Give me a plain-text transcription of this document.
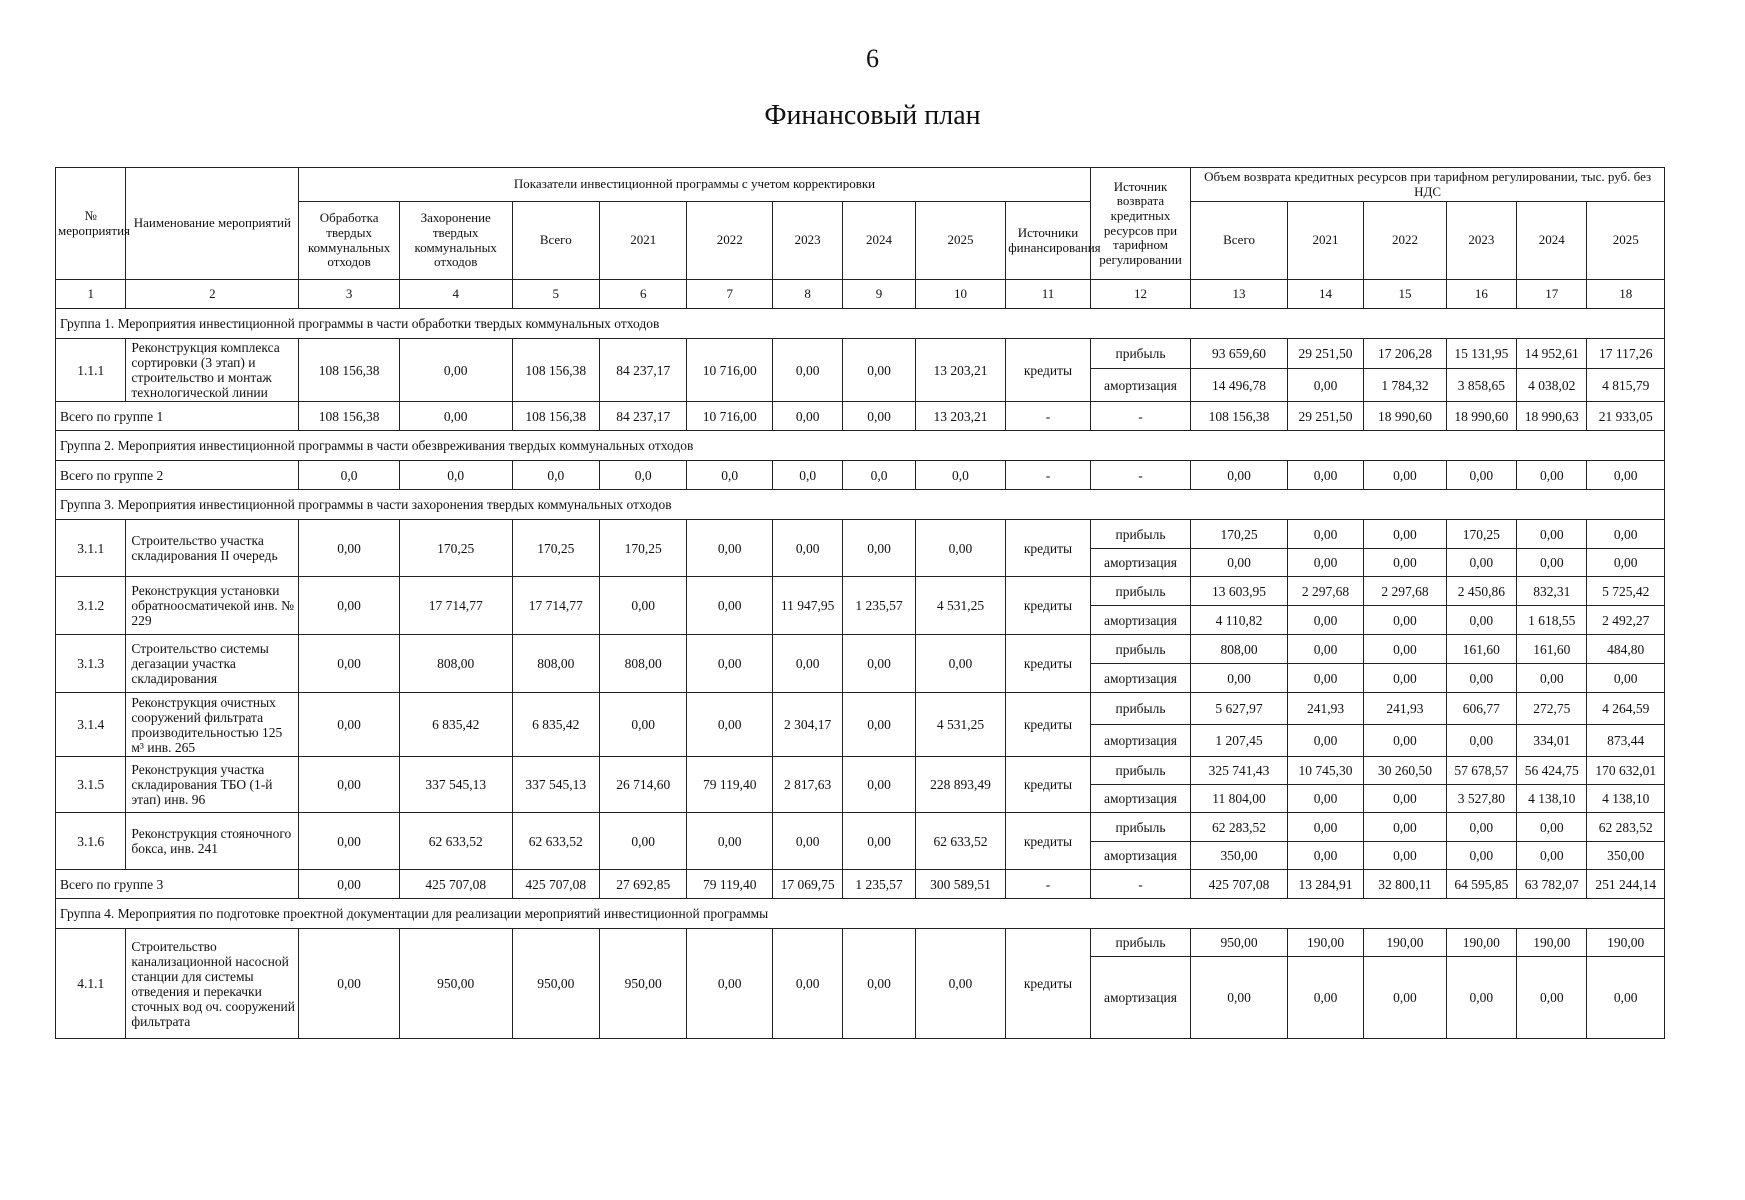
6
Финансовый план
№
мероприятия	Наименование мероприятий	Показатели инвестиционной программы с учетом корректировки									Источник возврата кредитных ресурсов при тарифном регулировании	Объем возврата кредитных ресурсов при тарифном регулировании, тыс. руб. без НДС					
		Обработка твердых коммунальных отходов	Захоронение твердых коммунальных отходов	Всего	2021	2022	2023	2024	2025	Источники финансирования		Всего	2021	2022	2023	2024	2025
1	2	3	4	5	6	7	8	9	10	11	12	13	14	15	16	17	18
Группа 1. Мероприятия инвестиционной программы в части обработки твердых коммунальных отходов																	
1.1.1	Реконструкция комплекса сортировки (3 этап) и строительство и монтаж технологической линии	108 156,38	0,00	108 156,38	84 237,17	10 716,00	0,00	0,00	13 203,21	кредиты	прибыль	93 659,60	29 251,50	17 206,28	15 131,95	14 952,61	17 117,26
											амортизация	14 496,78	0,00	1 784,32	3 858,65	4 038,02	4 815,79
Всего по группе 1		108 156,38	0,00	108 156,38	84 237,17	10 716,00	0,00	0,00	13 203,21	-	-	108 156,38	29 251,50	18 990,60	18 990,60	18 990,63	21 933,05
Группа 2. Мероприятия инвестиционной программы в части обезвреживания твердых коммунальных отходов																	
Всего по группе 2		0,0	0,0	0,0	0,0	0,0	0,0	0,0	0,0	-	-	0,00	0,00	0,00	0,00	0,00	0,00
Группа 3. Мероприятия инвестиционной программы в части захоронения твердых коммунальных отходов																	
3.1.1	Строительство участка складирования II очередь	0,00	170,25	170,25	170,25	0,00	0,00	0,00	0,00	кредиты	прибыль	170,25	0,00	0,00	170,25	0,00	0,00
											амортизация	0,00	0,00	0,00	0,00	0,00	0,00
3.1.2	Реконструкция установки обратноосматичекой инв. № 229	0,00	17 714,77	17 714,77	0,00	0,00	11 947,95	1 235,57	4 531,25	кредиты	прибыль	13 603,95	2 297,68	2 297,68	2 450,86	832,31	5 725,42
											амортизация	4 110,82	0,00	0,00	0,00	1 618,55	2 492,27
3.1.3	Строительство системы дегазации участка складирования	0,00	808,00	808,00	808,00	0,00	0,00	0,00	0,00	кредиты	прибыль	808,00	0,00	0,00	161,60	161,60	484,80
											амортизация	0,00	0,00	0,00	0,00	0,00	0,00
3.1.4	Реконструкция очистных сооружений фильтрата производительностью 125 м³ инв. 265	0,00	6 835,42	6 835,42	0,00	0,00	2 304,17	0,00	4 531,25	кредиты	прибыль	5 627,97	241,93	241,93	606,77	272,75	4 264,59
											амортизация	1 207,45	0,00	0,00	0,00	334,01	873,44
3.1.5	Реконструкция участка складирования ТБО (1-й этап) инв. 96	0,00	337 545,13	337 545,13	26 714,60	79 119,40	2 817,63	0,00	228 893,49	кредиты	прибыль	325 741,43	10 745,30	30 260,50	57 678,57	56 424,75	170 632,01
											амортизация	11 804,00	0,00	0,00	3 527,80	4 138,10	4 138,10
3.1.6	Реконструкция стояночного бокса, инв. 241	0,00	62 633,52	62 633,52	0,00	0,00	0,00	0,00	62 633,52	кредиты	прибыль	62 283,52	0,00	0,00	0,00	0,00	62 283,52
											амортизация	350,00	0,00	0,00	0,00	0,00	350,00
Всего по группе 3		0,00	425 707,08	425 707,08	27 692,85	79 119,40	17 069,75	1 235,57	300 589,51	-	-	425 707,08	13 284,91	32 800,11	64 595,85	63 782,07	251 244,14
Группа 4. Мероприятия по подготовке проектной документации для реализации мероприятий инвестиционной программы																	
4.1.1	Строительство канализационной насосной станции для системы отведения и перекачки сточных вод оч. сооружений фильтрата	0,00	950,00	950,00	950,00	0,00	0,00	0,00	0,00	кредиты	прибыль	950,00	190,00	190,00	190,00	190,00	190,00
											амортизация	0,00	0,00	0,00	0,00	0,00	0,00
